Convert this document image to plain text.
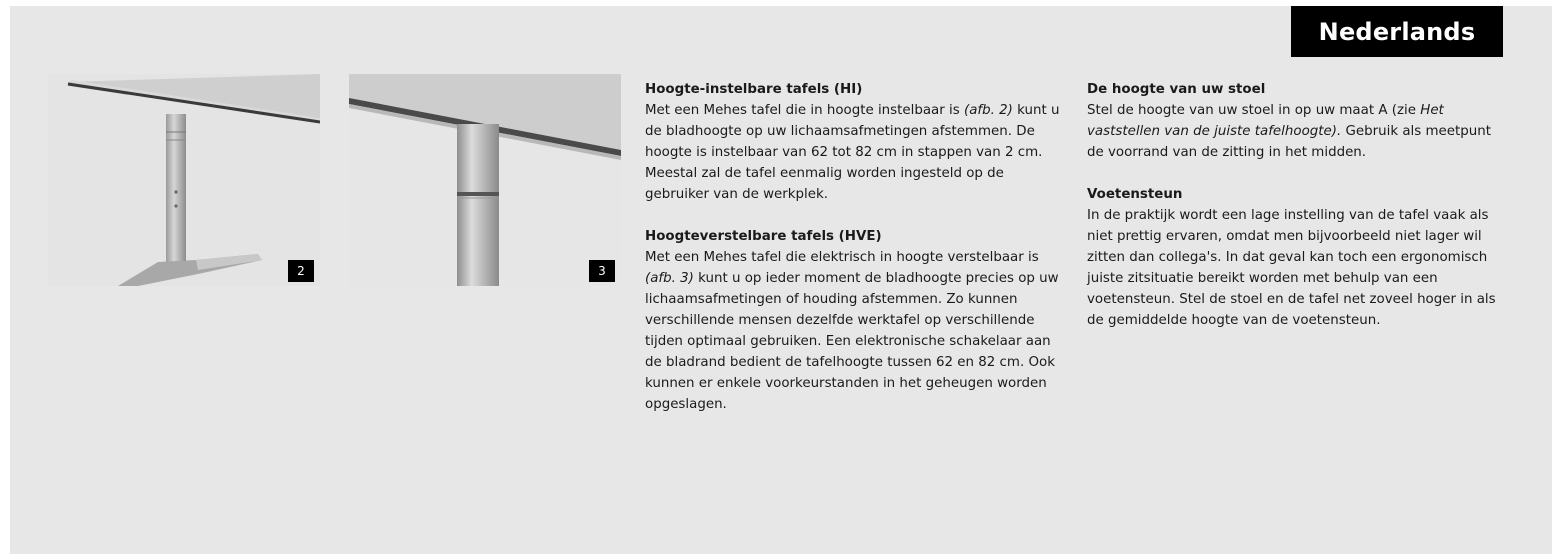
Nederlands
2	3
Hoogte-instelbare tafels (HI)

Met een Mehes tafel die in hoogte instelbaar is (afb. 2) kunt u de bladhoogte op uw lichaamsafmetingen afstemmen. De hoogte is instelbaar van 62 tot 82 cm in stappen van 2 cm. Meestal zal de tafel eenmalig worden ingesteld op de gebruiker van de werkplek.

Hoogteverstelbare tafels (HVE)

Met een Mehes tafel die elektrisch in hoogte verstelbaar is (afb. 3) kunt u op ieder moment de bladhoogte precies op uw lichaamsafmetingen of houding afstemmen. Zo kunnen verschillende mensen dezelfde werktafel op verschillende tijden optimaal gebruiken. Een elektronische schakelaar aan de bladrand bedient de tafelhoogte tussen 62 en 82 cm. Ook kunnen er enkele voorkeurstanden in het geheugen worden opgeslagen.

De hoogte van uw stoel

Stel de hoogte van uw stoel in op uw maat A (zie Het vaststellen van de juiste tafelhoogte). Gebruik als meetpunt de voorrand van de zitting in het midden.

Voetensteun

In de praktijk wordt een lage instelling van de tafel vaak als niet prettig ervaren, omdat men bijvoorbeeld niet lager wil zitten dan collega's. In dat geval kan toch een ergonomisch juiste zitsituatie bereikt worden met behulp van een voetensteun. Stel de stoel en de tafel net zoveel hoger in als de gemiddelde hoogte van de voetensteun.
